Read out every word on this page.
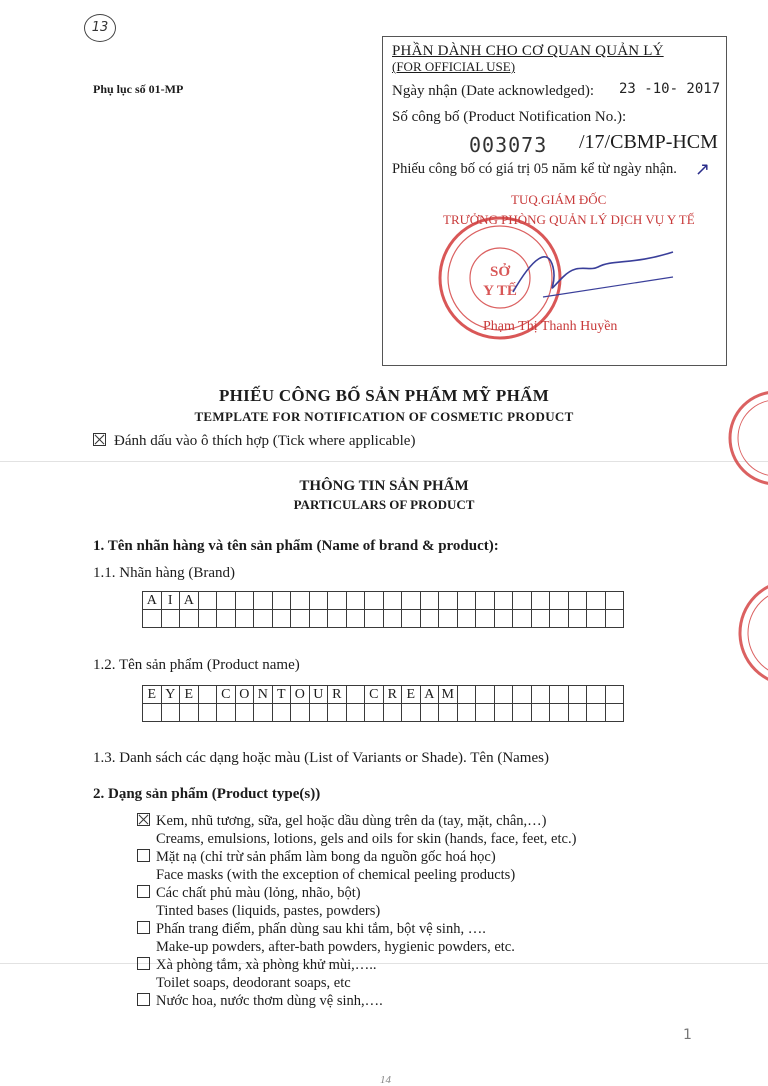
13
Phụ lục số 01-MP
PHẦN DÀNH CHO CƠ QUAN QUẢN LÝ
(FOR OFFICIAL USE)
Ngày nhận (Date acknowledged): 23 -10- 2017
Số công bố (Product Notification No.):
003073 /17/CBMP-HCM
Phiếu công bố có giá trị 05 năm kể từ ngày nhận. ↗
SỞ
Y TẾ
TUQ.GIÁM ĐỐC
TRƯỞNG PHÒNG QUẢN LÝ DỊCH VỤ Y TẾ
Phạm Thị Thanh Huyền
PHIẾU CÔNG BỐ SẢN PHẨM MỸ PHẨM
TEMPLATE FOR NOTIFICATION OF COSMETIC PRODUCT
Đánh dấu vào ô thích hợp (Tick where applicable)
THÔNG TIN SẢN PHẨM
PARTICULARS OF PRODUCT
1. Tên nhãn hàng và tên sản phẩm (Name of brand & product):
1.1. Nhãn hàng (Brand)
A	I	A																							

1.2. Tên sản phẩm (Product name)
E	Y	E		C	O	N	T	O	U	R		C	R	E	A	M									

1.3. Danh sách các dạng hoặc màu (List of Variants or Shade). Tên (Names)
2. Dạng sản phẩm (Product type(s))
Kem, nhũ tương, sữa, gel hoặc dầu dùng trên da (tay, mặt, chân,…)
Creams, emulsions, lotions, gels and oils for skin (hands, face, feet, etc.)
Mặt nạ (chỉ trừ sản phẩm làm bong da nguồn gốc hoá học)
Face masks (with the exception of chemical peeling products)
Các chất phủ màu (lỏng, nhão, bột)
Tinted bases (liquids, pastes, powders)
Phấn trang điểm, phấn dùng sau khi tắm, bột vệ sinh, ….
Make-up powders, after-bath powders, hygienic powders, etc.
Xà phòng tắm, xà phòng khử mùi,…..
Toilet soaps, deodorant soaps, etc
Nước hoa, nước thơm dùng vệ sinh,….
1
14
